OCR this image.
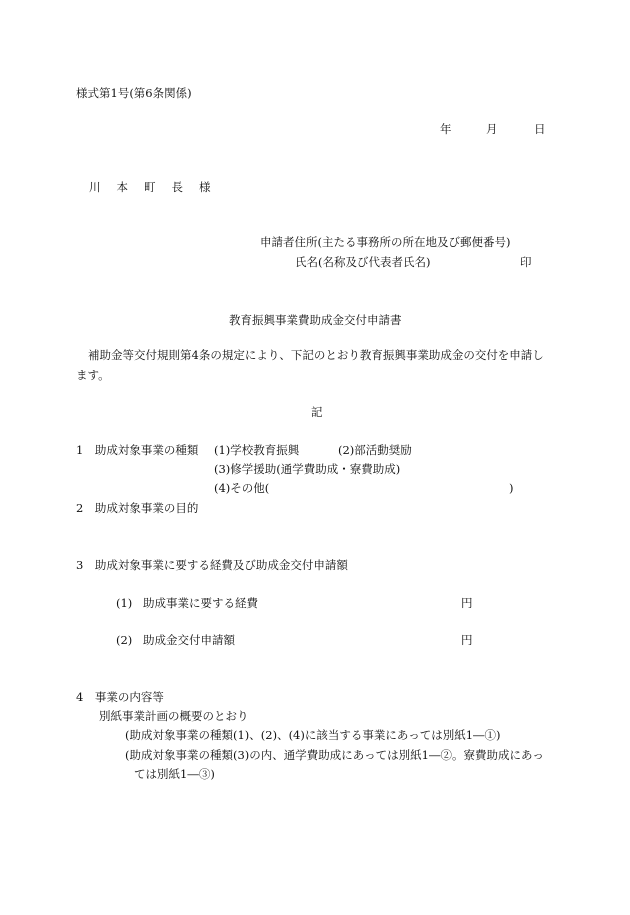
様式第1号(第6条関係)

年	月	日
川 本 町 長 様

申請者住所(主たる事務所の所在地及び郵便番号)

氏名(名称及び代表者氏名)	印
教育振興事業費助成金交付申請書

補助金等交付規則第4条の規定により、下記のとおり教育振興事業助成金の交付を申請し

ます。

記
1　助成対象事業の種類 (1)学校教育振興	(2)部活動奨励
(3)修学援助(通学費助成・寮費助成)
(4)その他(	)
2　助成対象事業の目的
3　助成対象事業に要する経費及び助成金交付申請額
(1) 助成事業に要する経費	円
(2) 助成金交付申請額	円
4　事業の内容等
別紙事業計画の概要のとおり
(助成対象事業の種類(1)、(2)、(4)に該当する事業にあっては別紙1―①)
(助成対象事業の種類(3)の内、通学費助成にあっては別紙1―②。寮費助成にあっ
ては別紙1―③)
